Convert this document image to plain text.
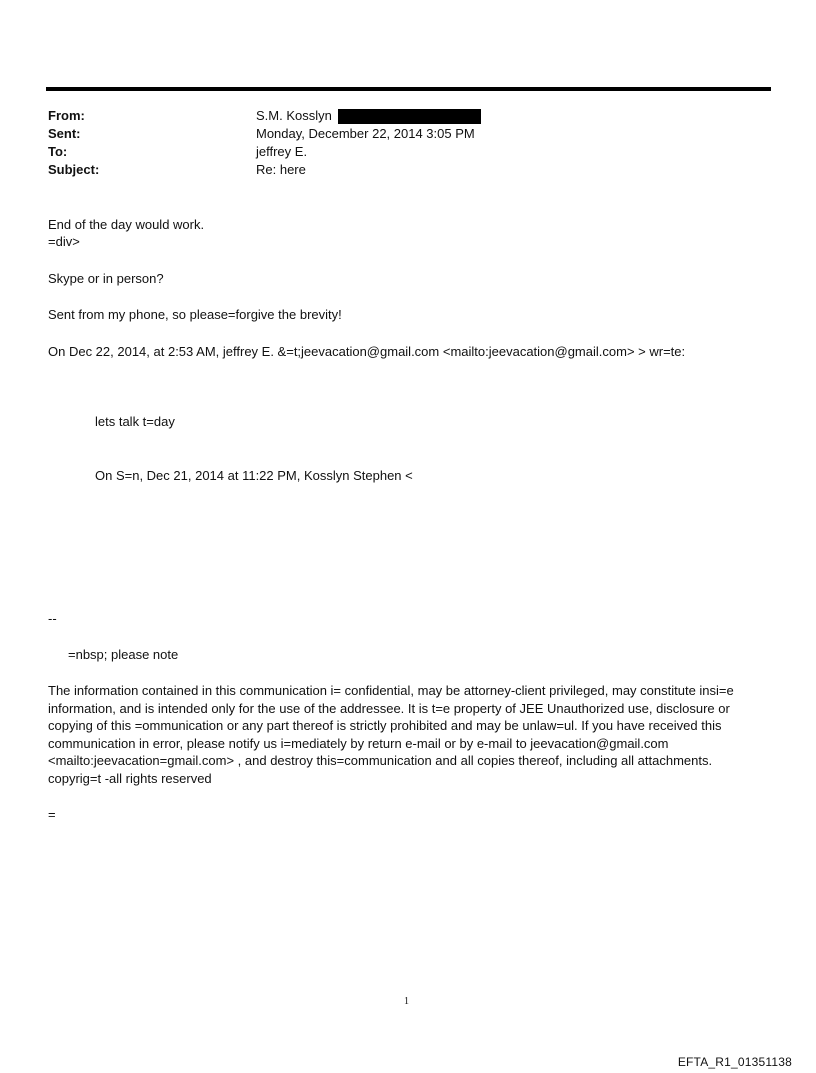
From:	S.M. Kosslyn
Sent:	Monday, December 22, 2014 3:05 PM
To:	jeffrey E.
Subject:	Re: here
End of the day would work.
=div>
Skype or in person?
Sent from my phone, so please=forgive the brevity!
On Dec 22, 2014, at 2:53 AM, jeffrey E. &=t;jeevacation@gmail.com <mailto:jeevacation@gmail.com> > wr=te:
lets talk t=day
On S=n, Dec 21, 2014 at 11:22 PM, Kosslyn Stephen <
--
=nbsp; please note
The information contained in this communication i= confidential, may be attorney-client privileged, may constitute insi=e information, and is intended only for the use of the addressee. It is t=e property of JEE Unauthorized use, disclosure or copying of this =ommunication or any part thereof is strictly prohibited and may be unlaw=ul. If you have received this communication in error, please notify us i=mediately by return e-mail or by e-mail to jeevacation@gmail.com <mailto:jeevacation=gmail.com> , and destroy this=communication and all copies thereof, including all attachments. copyrig=t -all rights reserved
=
1
EFTA_R1_01351138
